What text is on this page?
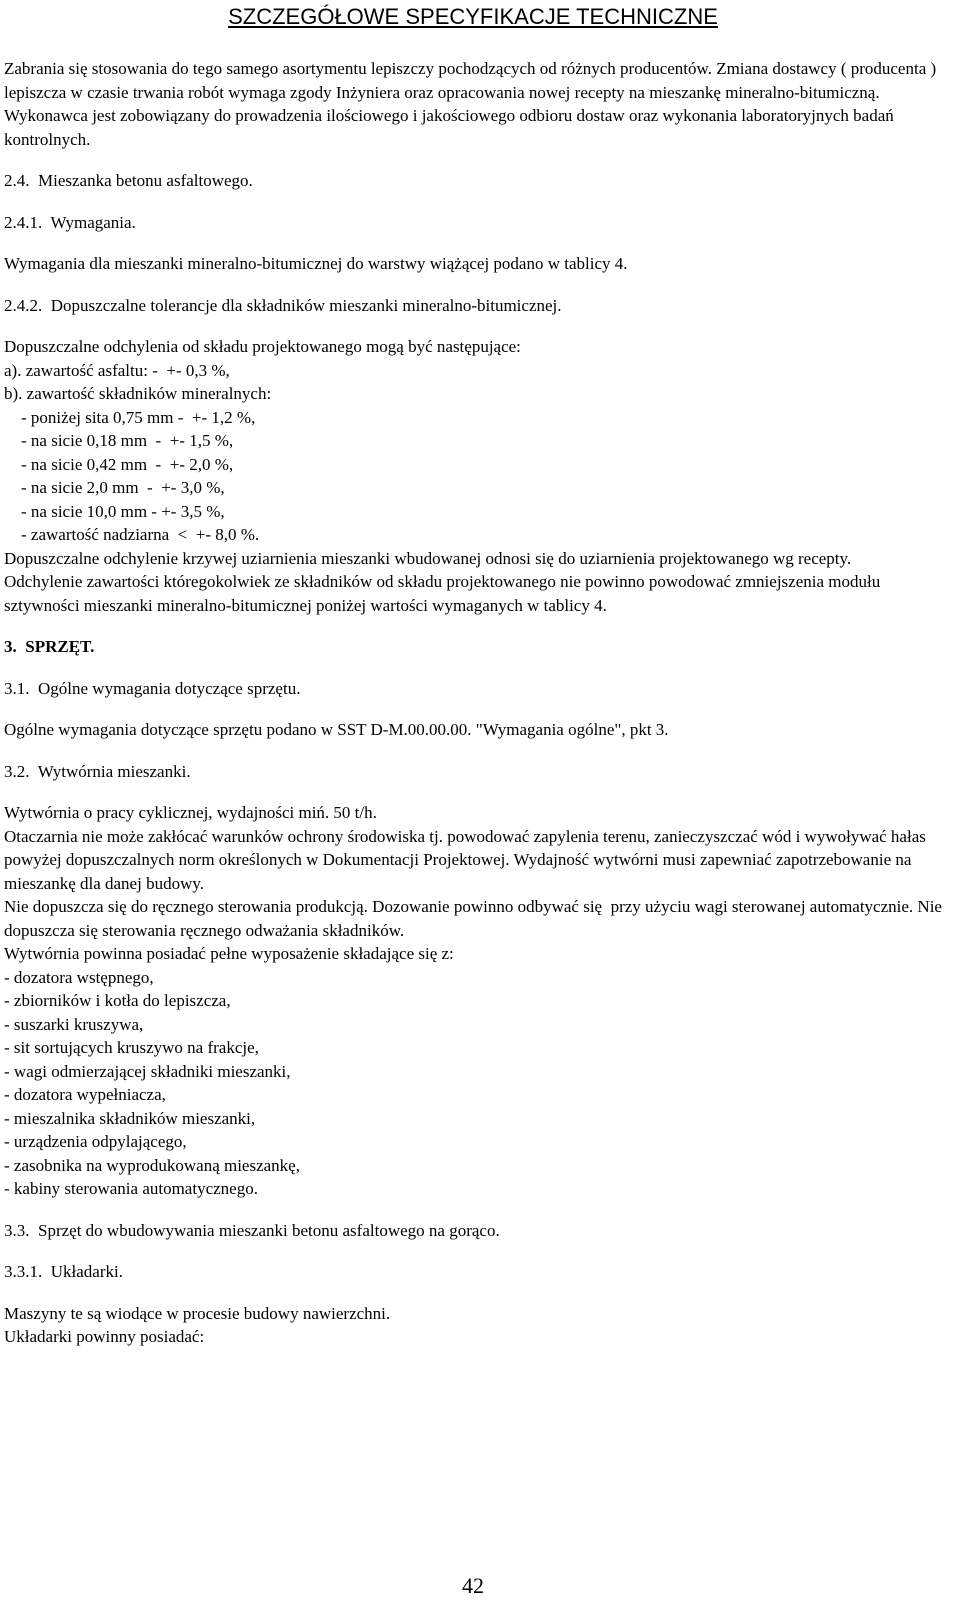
SZCZEGÓŁOWE SPECYFIKACJE TECHNICZNE

Zabrania się stosowania do tego samego asortymentu lepiszczy pochodzących od różnych producentów. Zmiana dostawcy ( producenta ) lepiszcza w czasie trwania robót wymaga zgody Inżyniera oraz opracowania nowej recepty na mieszankę mineralno-bitumiczną.

Wykonawca jest zobowiązany do prowadzenia ilościowego i jakościowego odbioru dostaw oraz wykonania laboratoryjnych badań kontrolnych.

2.4.  Mieszanka betonu asfaltowego.

2.4.1.  Wymagania.

Wymagania dla mieszanki mineralno-bitumicznej do warstwy wiążącej podano w tablicy 4.

2.4.2.  Dopuszczalne tolerancje dla składników mieszanki mineralno-bitumicznej.

Dopuszczalne odchylenia od składu projektowanego mogą być następujące:

a). zawartość asfaltu: -  +- 0,3 %,

b). zawartość składników mineralnych:

- poniżej sita 0,75 mm -  +- 1,2 %,

- na sicie 0,18 mm  -  +- 1,5 %,

- na sicie 0,42 mm  -  +- 2,0 %,

- na sicie 2,0 mm  -  +- 3,0 %,

- na sicie 10,0 mm - +- 3,5 %,

- zawartość nadziarna  <  +- 8,0 %.

Dopuszczalne odchylenie krzywej uziarnienia mieszanki wbudowanej odnosi się do uziarnienia projektowanego wg recepty.

Odchylenie zawartości któregokolwiek ze składników od składu projektowanego nie powinno powodować zmniejszenia modułu sztywności mieszanki mineralno-bitumicznej poniżej wartości wymaganych w tablicy 4.

3.  SPRZĘT.

3.1.  Ogólne wymagania dotyczące sprzętu.

Ogólne wymagania dotyczące sprzętu podano w SST D-M.00.00.00. "Wymagania ogólne", pkt 3.

3.2.  Wytwórnia mieszanki.

Wytwórnia o pracy cyklicznej, wydajności miń. 50 t/h.

Otaczarnia nie może zakłócać warunków ochrony środowiska tj. powodować zapylenia terenu, zanieczyszczać wód i wywoływać hałas powyżej dopuszczalnych norm określonych w Dokumentacji Projektowej. Wydajność wytwórni musi zapewniać zapotrzebowanie na mieszankę dla danej budowy.

Nie dopuszcza się do ręcznego sterowania produkcją. Dozowanie powinno odbywać się  przy użyciu wagi sterowanej automatycznie. Nie dopuszcza się sterowania ręcznego odważania składników.

Wytwórnia powinna posiadać pełne wyposażenie składające się z:

- dozatora wstępnego,

- zbiorników i kotła do lepiszcza,

- suszarki kruszywa,

- sit sortujących kruszywo na frakcje,

- wagi odmierzającej składniki mieszanki,

- dozatora wypełniacza,

- mieszalnika składników mieszanki,

- urządzenia odpylającego,

- zasobnika na wyprodukowaną mieszankę,

- kabiny sterowania automatycznego.

3.3.  Sprzęt do wbudowywania mieszanki betonu asfaltowego na gorąco.

3.3.1.  Układarki.

Maszyny te są wiodące w procesie budowy nawierzchni.

Układarki powinny posiadać:

42
